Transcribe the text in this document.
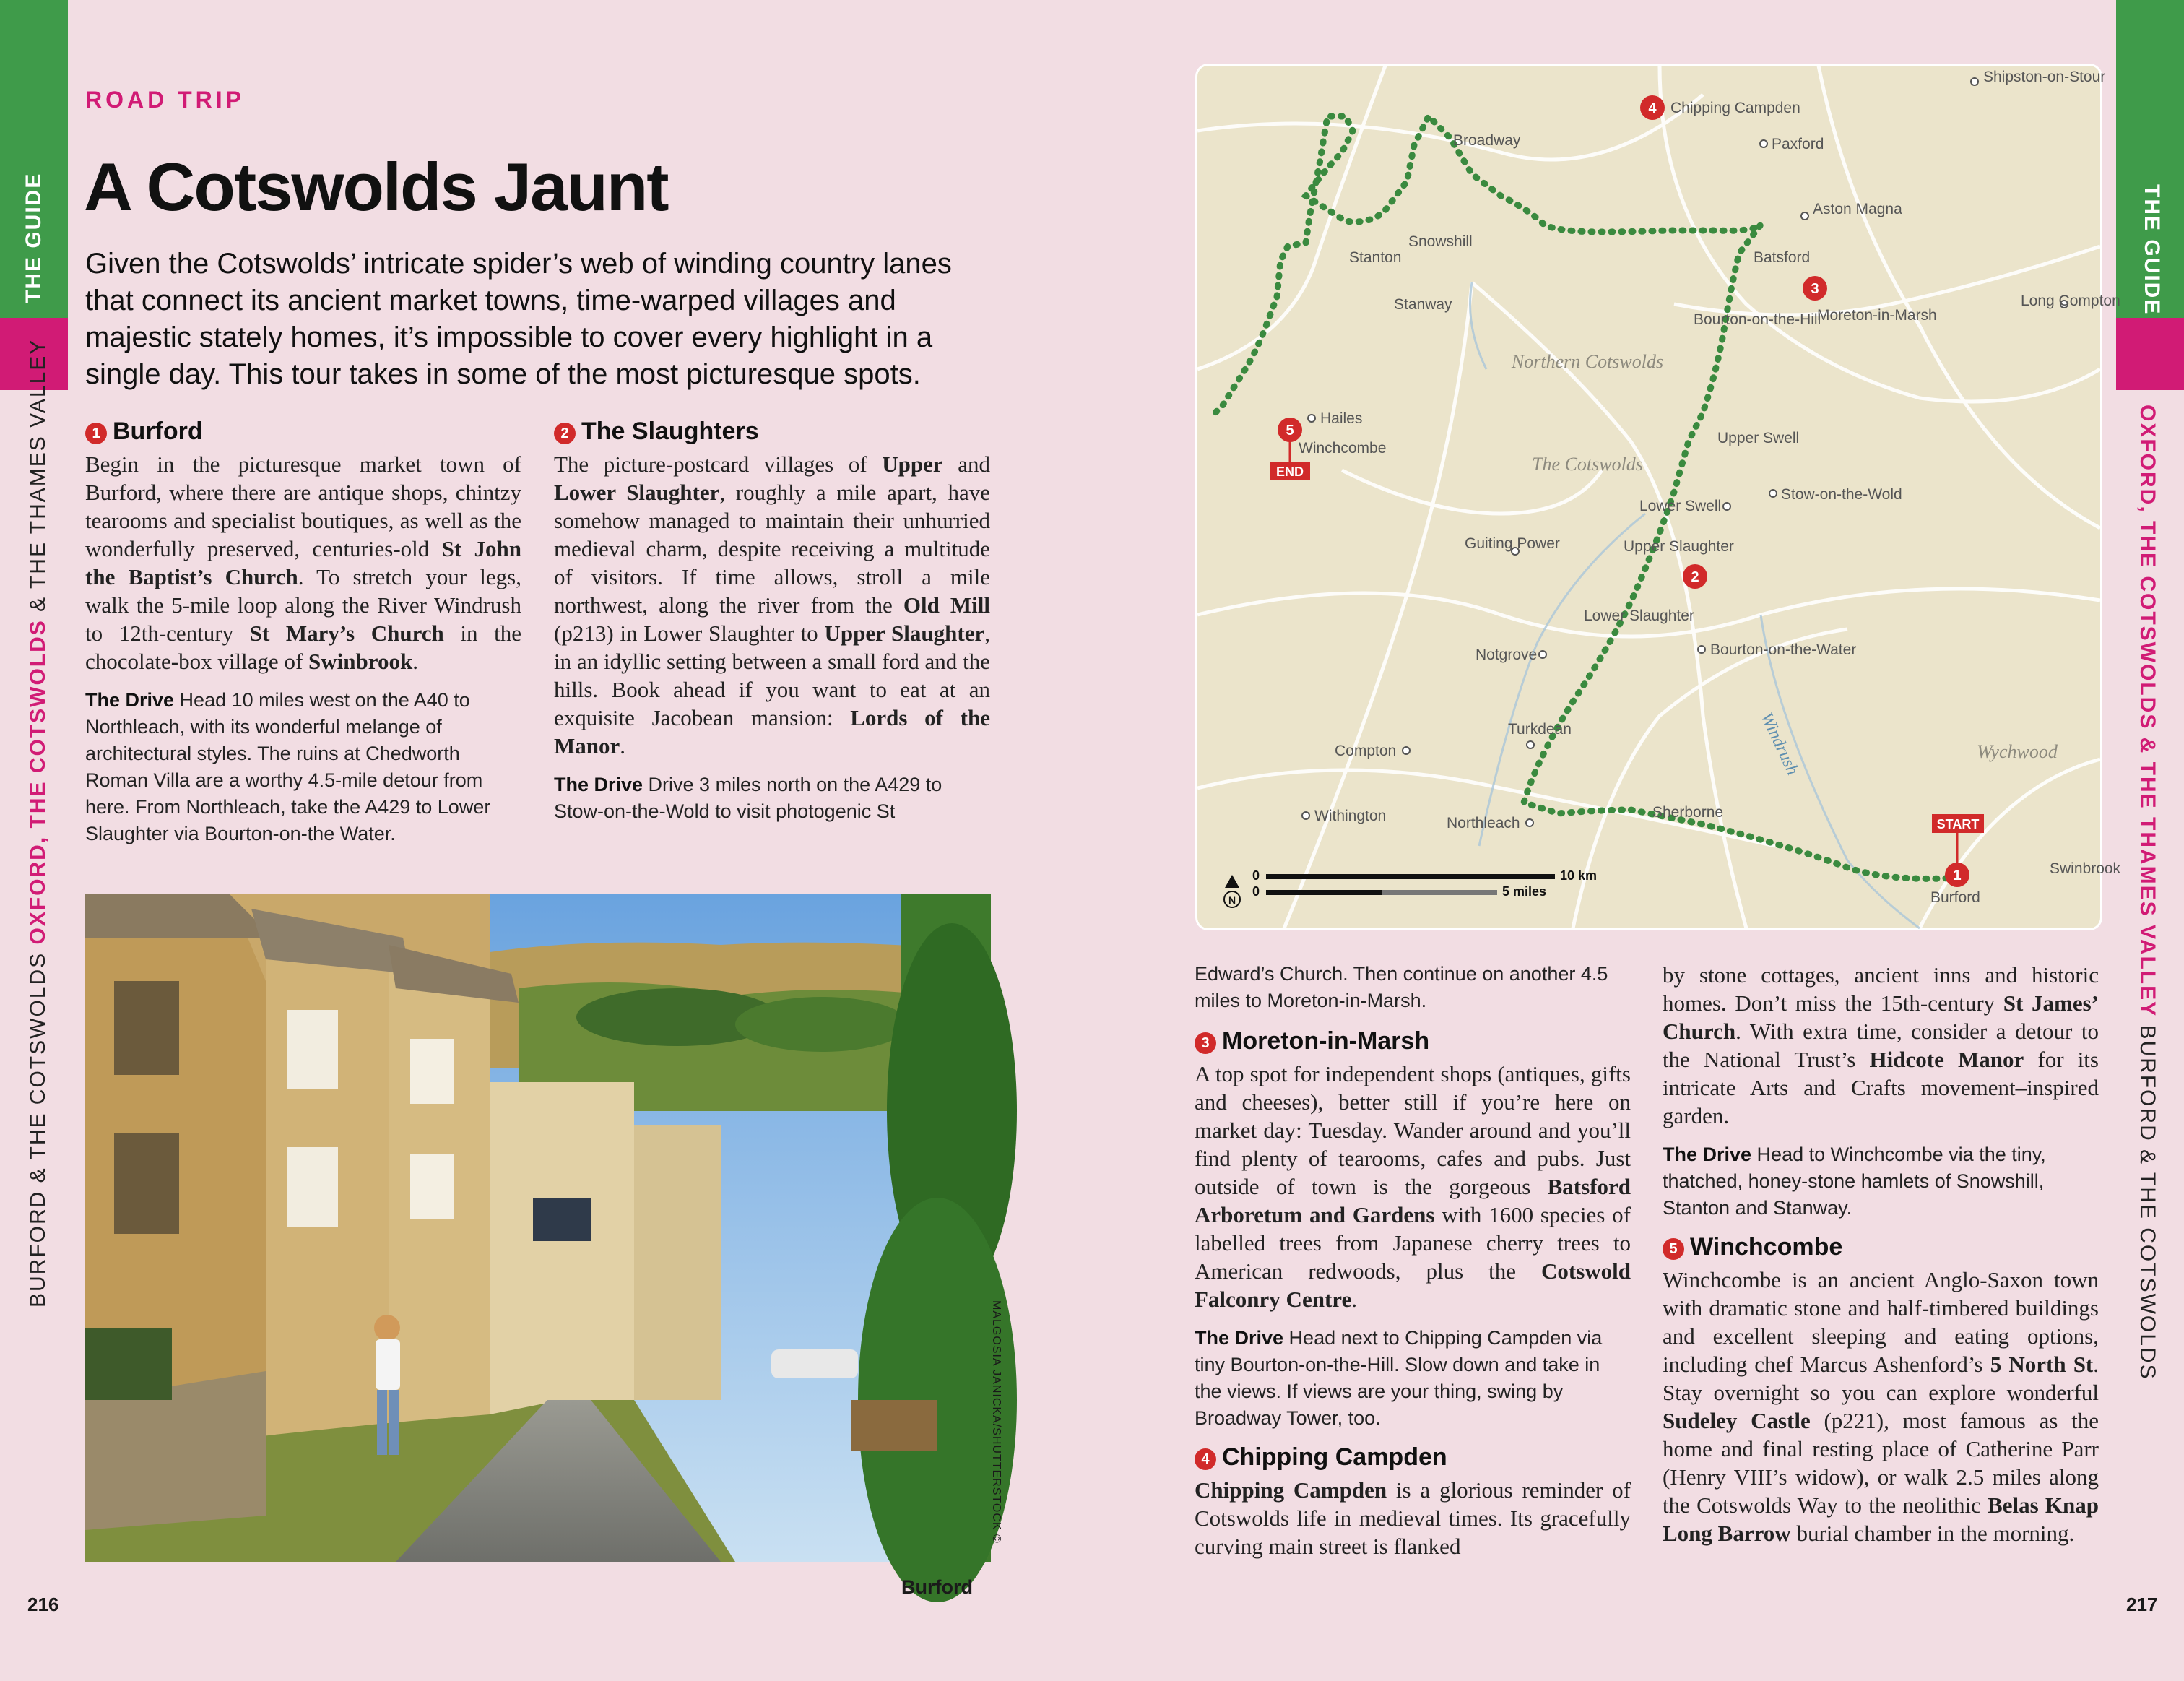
THE GUIDE
BURFORD & THE COTSWOLDS OXFORD, THE COTSWOLDS & THE THAMES VALLEY
THE GUIDE
OXFORD, THE COTSWOLDS & THE THAMES VALLEY BURFORD & THE COTSWOLDS
ROAD TRIP
A Cotswolds Jaunt
Given the Cotswolds’ intricate spider’s web of winding country lanes that connect its ancient market towns, time-warped villages and majestic stately homes, it’s impossible to cover every highlight in a single day. This tour takes in some of the most picturesque spots.
1 Burford

Begin in the picturesque market town of Burford, where there are antique shops, chintzy tearooms and specialist boutiques, as well as the wonderfully preserved, centuries-old St John the Baptist’s Church. To stretch your legs, walk the 5-mile loop along the River Windrush to 12th-century St Mary’s Church in the chocolate-box village of Swinbrook.

The Drive Head 10 miles west on the A40 to Northleach, with its wonderful melange of architectural styles. The ruins at Chedworth Roman Villa are a worthy 4.5-mile detour from here. From Northleach, take the A429 to Lower Slaughter via Bourton-on-the Water.

2 The Slaughters

The picture-postcard villages of Upper and Lower Slaughter, roughly a mile apart, have somehow managed to maintain their unhurried medieval charm, despite receiving a multitude of visitors. If time allows, stroll a mile northwest, along the river from the Old Mill (p213) in Lower Slaughter to Upper Slaughter, in an idyllic setting between a small ford and the hills. Book ahead if you want to eat at an exquisite Jacobean mansion: Lords of the Manor.

The Drive Drive 3 miles north on the A429 to Stow-on-the-Wold to visit photogenic St

MALGOSIA JANICKA/SHUTTERSTOCK ©
Burford
216
1
2
3
4
5
START
END
Northern Cotswolds
The Cotswolds
Wychwood
Windrush
Shipston-on-Stour
Chipping Campden
Paxford
Broadway
Aston Magna
Snowshill
Stanton	Batsford
Stanway	Long Compton
Bourton-on-the-Hill
Moreton-in-Marsh
Hailes
Winchcombe
Upper Swell
Stow-on-the-Wold
Lower Swell
Guiting Power	Upper Slaughter
Lower Slaughter
Notgrove	Bourton-on-the-Water
Turkdean
Compton
Withington	Northleach
Sherborne
Swinbrook
Burford
N
0
0
10 km
5 miles

Edward’s Church. Then continue on another 4.5 miles to Moreton-in-Marsh.

3 Moreton-in-Marsh

A top spot for independent shops (antiques, gifts and cheeses), better still if you’re here on market day: Tuesday. Wander around and you’ll find plenty of tearooms, cafes and pubs. Just outside of town is the gorgeous Batsford Arboretum and Gardens with 1600 species of labelled trees from Japanese cherry trees to American redwoods, plus the Cotswold Falconry Centre.

The Drive Head next to Chipping Campden via tiny Bourton-on-the-Hill. Slow down and take in the views. If views are your thing, swing by Broadway Tower, too.

4 Chipping Campden

Chipping Campden is a glorious reminder of Cotswolds life in medieval times. Its gracefully curving main street is flanked

by stone cottages, ancient inns and historic homes. Don’t miss the 15th-century St James’ Church. With extra time, consider a detour to the National Trust’s Hidcote Manor for its intricate Arts and Crafts movement–inspired garden.

The Drive Head to Winchcombe via the tiny, thatched, honey-stone hamlets of Snowshill, Stanton and Stanway.

5 Winchcombe

Winchcombe is an ancient Anglo-Saxon town with dramatic stone and half-timbered buildings and excellent sleeping and eating options, including chef Marcus Ashenford’s 5 North St. Stay overnight so you can explore wonderful Sudeley Castle (p221), most famous as the home and final resting place of Catherine Parr (Henry VIII’s widow), or walk 2.5 miles along the Cotswolds Way to the neolithic Belas Knap Long Barrow burial chamber in the morning.

217
